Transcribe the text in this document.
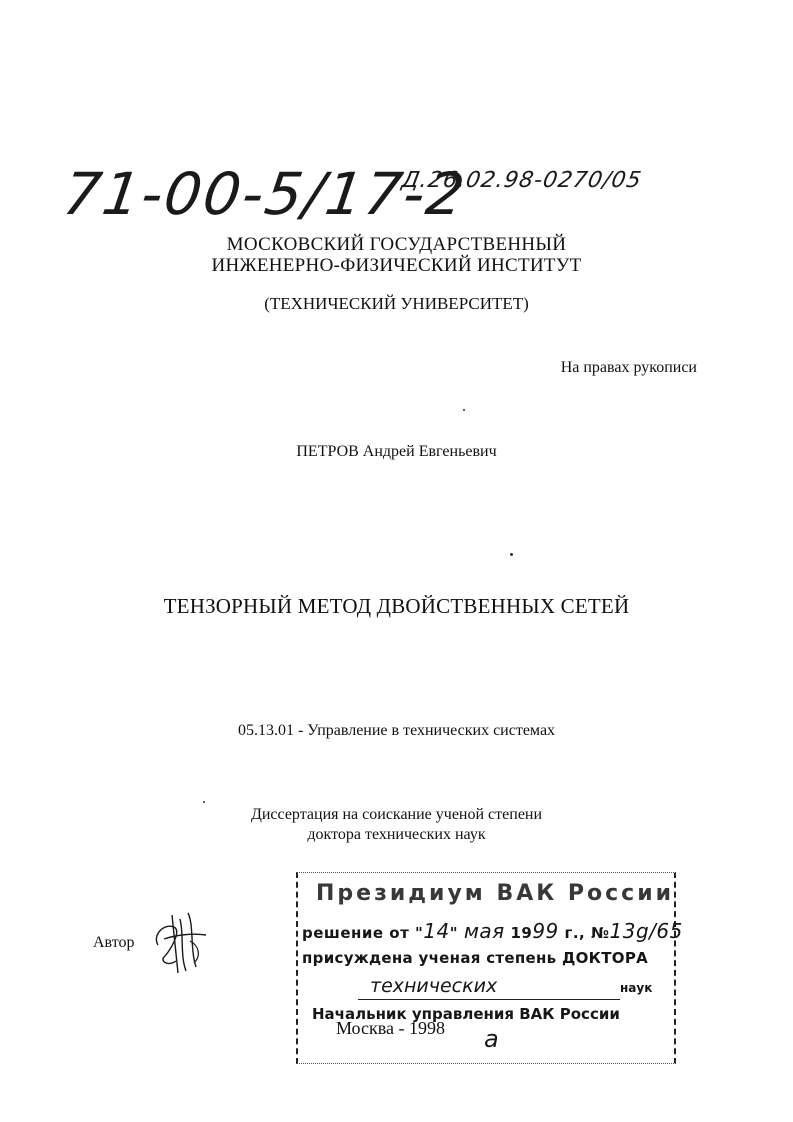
71-00-5/17-2
Д.26.02.98-0270/05
МОСКОВСКИЙ ГОСУДАРСТВЕННЫЙ
ИНЖЕНЕРНО-ФИЗИЧЕСКИЙ ИНСТИТУТ
(ТЕХНИЧЕСКИЙ УНИВЕРСИТЕТ)
На правах рукописи
ПЕТРОВ Андрей Евгеньевич
ТЕНЗОРНЫЙ МЕТОД ДВОЙСТВЕННЫХ СЕТЕЙ
05.13.01 - Управление в технических системах
Диссертация на соискание ученой степени
доктора технических наук
Автор
Президиум ВАК России
решение от "14" мая 1999 г., №13g/65
присуждена ученая степень ДОКТОРА
технических	наук
Начальник управления ВАК России
а
Москва - 1998
